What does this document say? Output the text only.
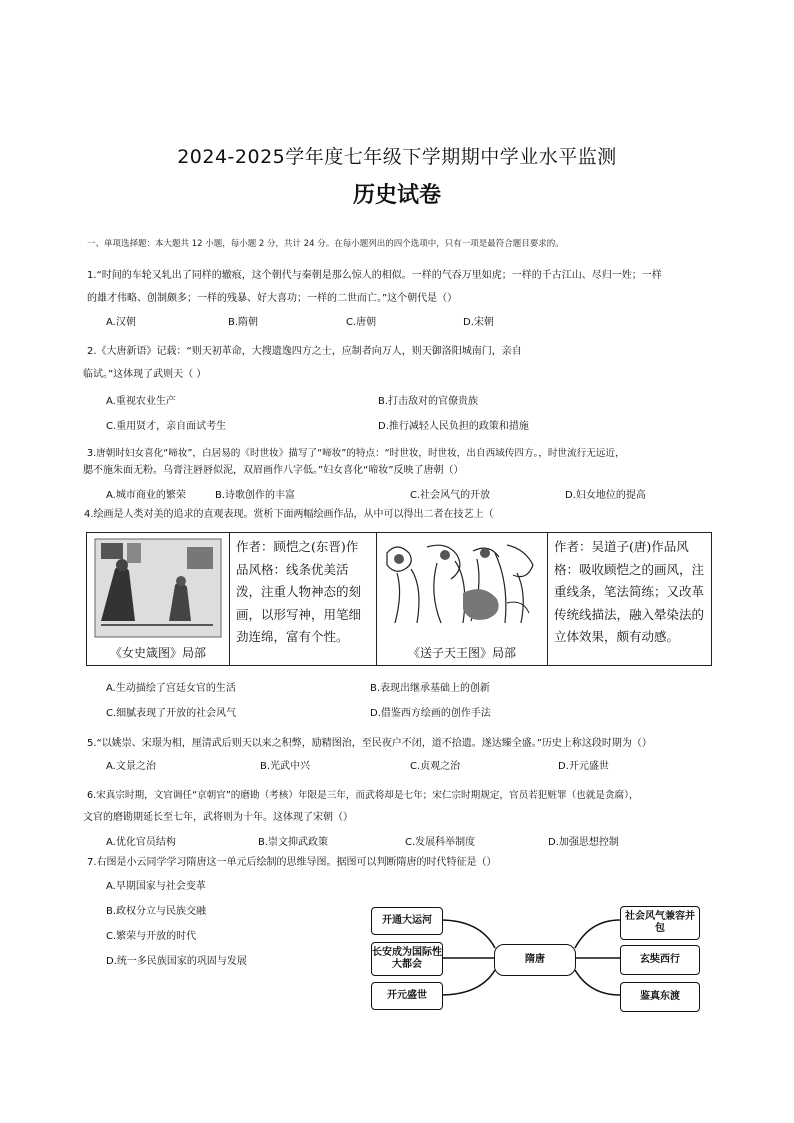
2024-2025学年度七年级下学期期中学业水平监测
历史试卷
一、单项选择题：本大题共 12 小题，每小题 2 分，共计 24 分。在每小题列出的四个选项中，只有一项是最符合题目要求的。
1.“时间的车轮又轧出了同样的辙痕，这个朝代与秦朝是那么惊人的相似。一样的气吞万里如虎；一样的千古江山、尽归一姓；一样
的雄才伟略、创制颇多；一样的残暴、好大喜功；一样的二世而亡。”这个朝代是（）
A.汉朝	B.隋朝	C.唐朝	D.宋朝
2.《大唐新语》记载：“则天初革命，大搜遗逸四方之士，应制者向万人，则天御洛阳城南门，亲自
临试。”这体现了武则天（ ）
A.重视农业生产	B.打击敌对的官僚贵族
C.重用贤才，亲自面试考生	D.推行减轻人民负担的政策和措施
3.唐朝时妇女喜化“啼妆”，白居易的《时世妆》描写了“啼妆”的特点：“时世妆，时世妆，出自西域传四方。，时世流行无远近，
腮不施朱面无粉。乌膏注唇唇似泥，双眉画作八字低。”妇女喜化“啼妆”反映了唐朝（）
A.城市商业的繁荣	B.诗歌创作的丰富	C.社会风气的开放	D.妇女地位的提高
4.绘画是人类对美的追求的直观表现。赏析下面两幅绘画作品，从中可以得出二者在技艺上（
《女史箴图》局部

作者：顾恺之(东晋)作品风格：线条优美活泼，注重人物神态的刻画，以形写神，用笔细劲连绵，富有个性。

《送子天王图》局部

作者：吴道子(唐)作品风格：吸收顾恺之的画风，注重线条，笔法简练；又改革传统线描法，融入晕染法的立体效果，颇有动感。
A.生动描绘了宫廷女官的生活	B.表现出继承基础上的创新
C.细腻表现了开放的社会风气	D.借鉴西方绘画的创作手法
5.“以姚崇、宋璟为相，厘清武后则天以来之积弊，励精图治，至民夜户不闭，道不拾遗。遂达臻全盛。”历史上称这段时期为（）
A.文景之治	B.光武中兴	C.贞观之治	D.开元盛世
6.宋真宗时期，文官调任“京朝官”的磨勘（考核）年限是三年，而武将却是七年；宋仁宗时期规定，官员若犯赃罪（也就是贪腐），
文官的磨勘期延长至七年，武将则为十年。这体现了宋朝（）
A.优化官员结构	B.崇文抑武政策	C.发展科举制度	D.加强思想控制
7.右图是小云同学学习隋唐这一单元后绘制的思维导图。据图可以判断隋唐的时代特征是（）
A.早期国家与社会变革
B.政权分立与民族交融
C.繁荣与开放的时代
D.统一多民族国家的巩固与发展
开通大运河
长安成为国际性大都会
开元盛世
隋唐
社会风气兼容并包
玄奘西行
鉴真东渡
